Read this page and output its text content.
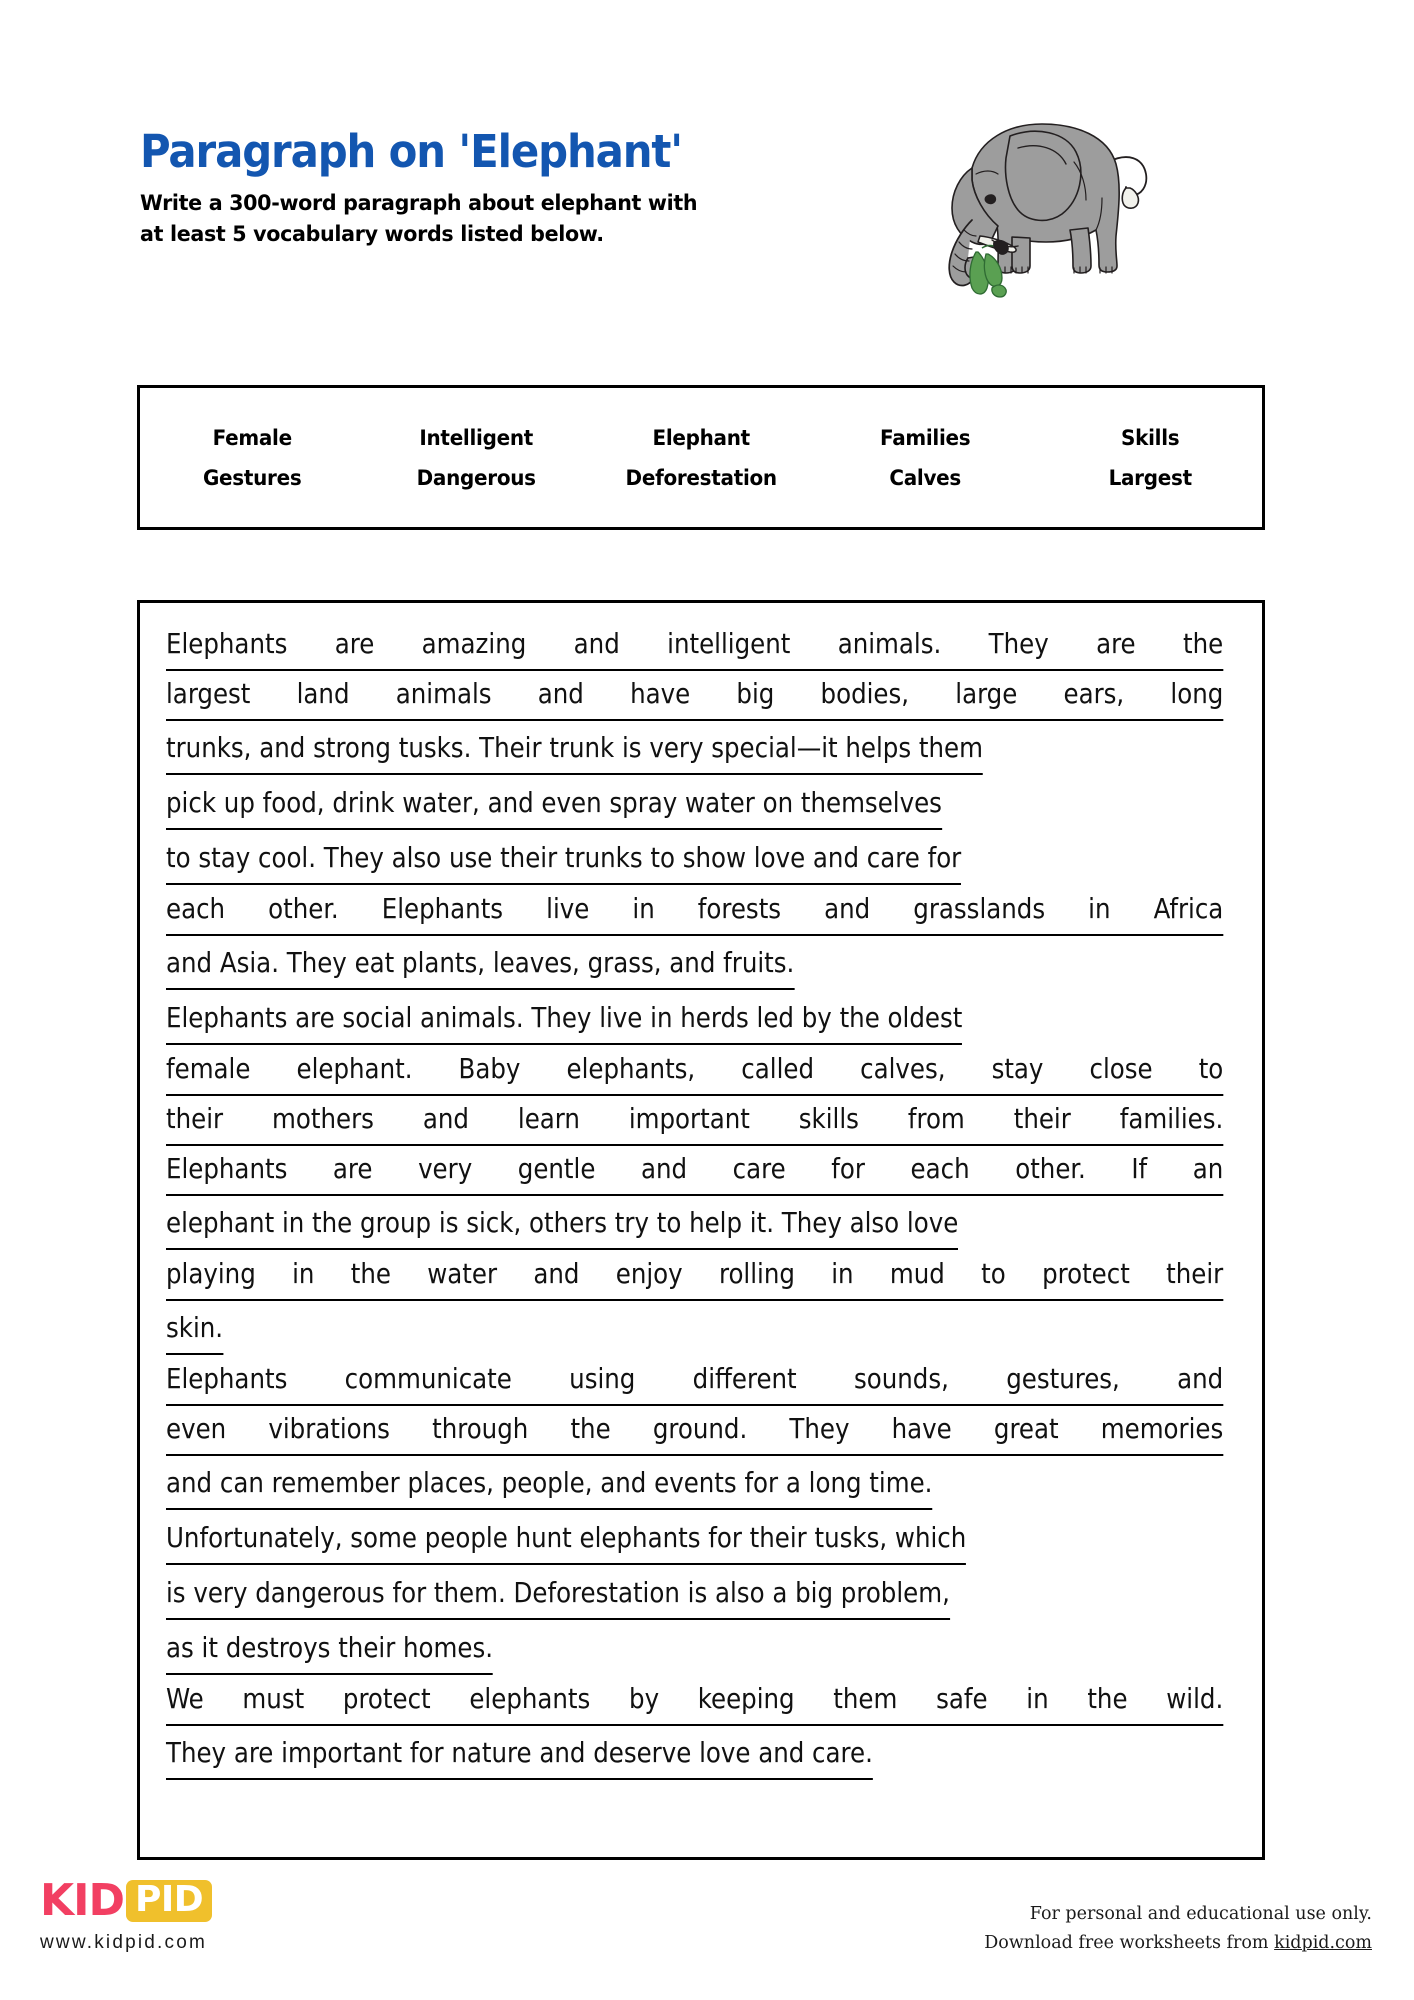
Paragraph on 'Elephant'
Write a 300-word paragraph about elephant with
at least 5 vocabulary words listed below.
Female	Intelligent	Elephant	Families	Skills
Gestures	Dangerous	Deforestation	Calves	Largest
Elephants are amazing and intelligent animals. They are the
largest land animals and have big bodies, large ears, long
trunks, and strong tusks. Their trunk is very special—it helps them
pick up food, drink water, and even spray water on themselves
to stay cool. They also use their trunks to show love and care for
each other. Elephants live in forests and grasslands in Africa
and Asia. They eat plants, leaves, grass, and fruits.
Elephants are social animals. They live in herds led by the oldest
female elephant. Baby elephants, called calves, stay close to
their mothers and learn important skills from their families.
Elephants are very gentle and care for each other. If an
elephant in the group is sick, others try to help it. They also love
playing in the water and enjoy rolling in mud to protect their
skin.
Elephants communicate using different sounds, gestures, and
even vibrations through the ground. They have great memories
and can remember places, people, and events for a long time.
Unfortunately, some people hunt elephants for their tusks, which
is very dangerous for them. Deforestation is also a big problem,
as it destroys their homes.
We must protect elephants by keeping them safe in the wild.
They are important for nature and deserve love and care.
KID PID
www.kidpid.com
For personal and educational use only.
Download free worksheets from kidpid.com
